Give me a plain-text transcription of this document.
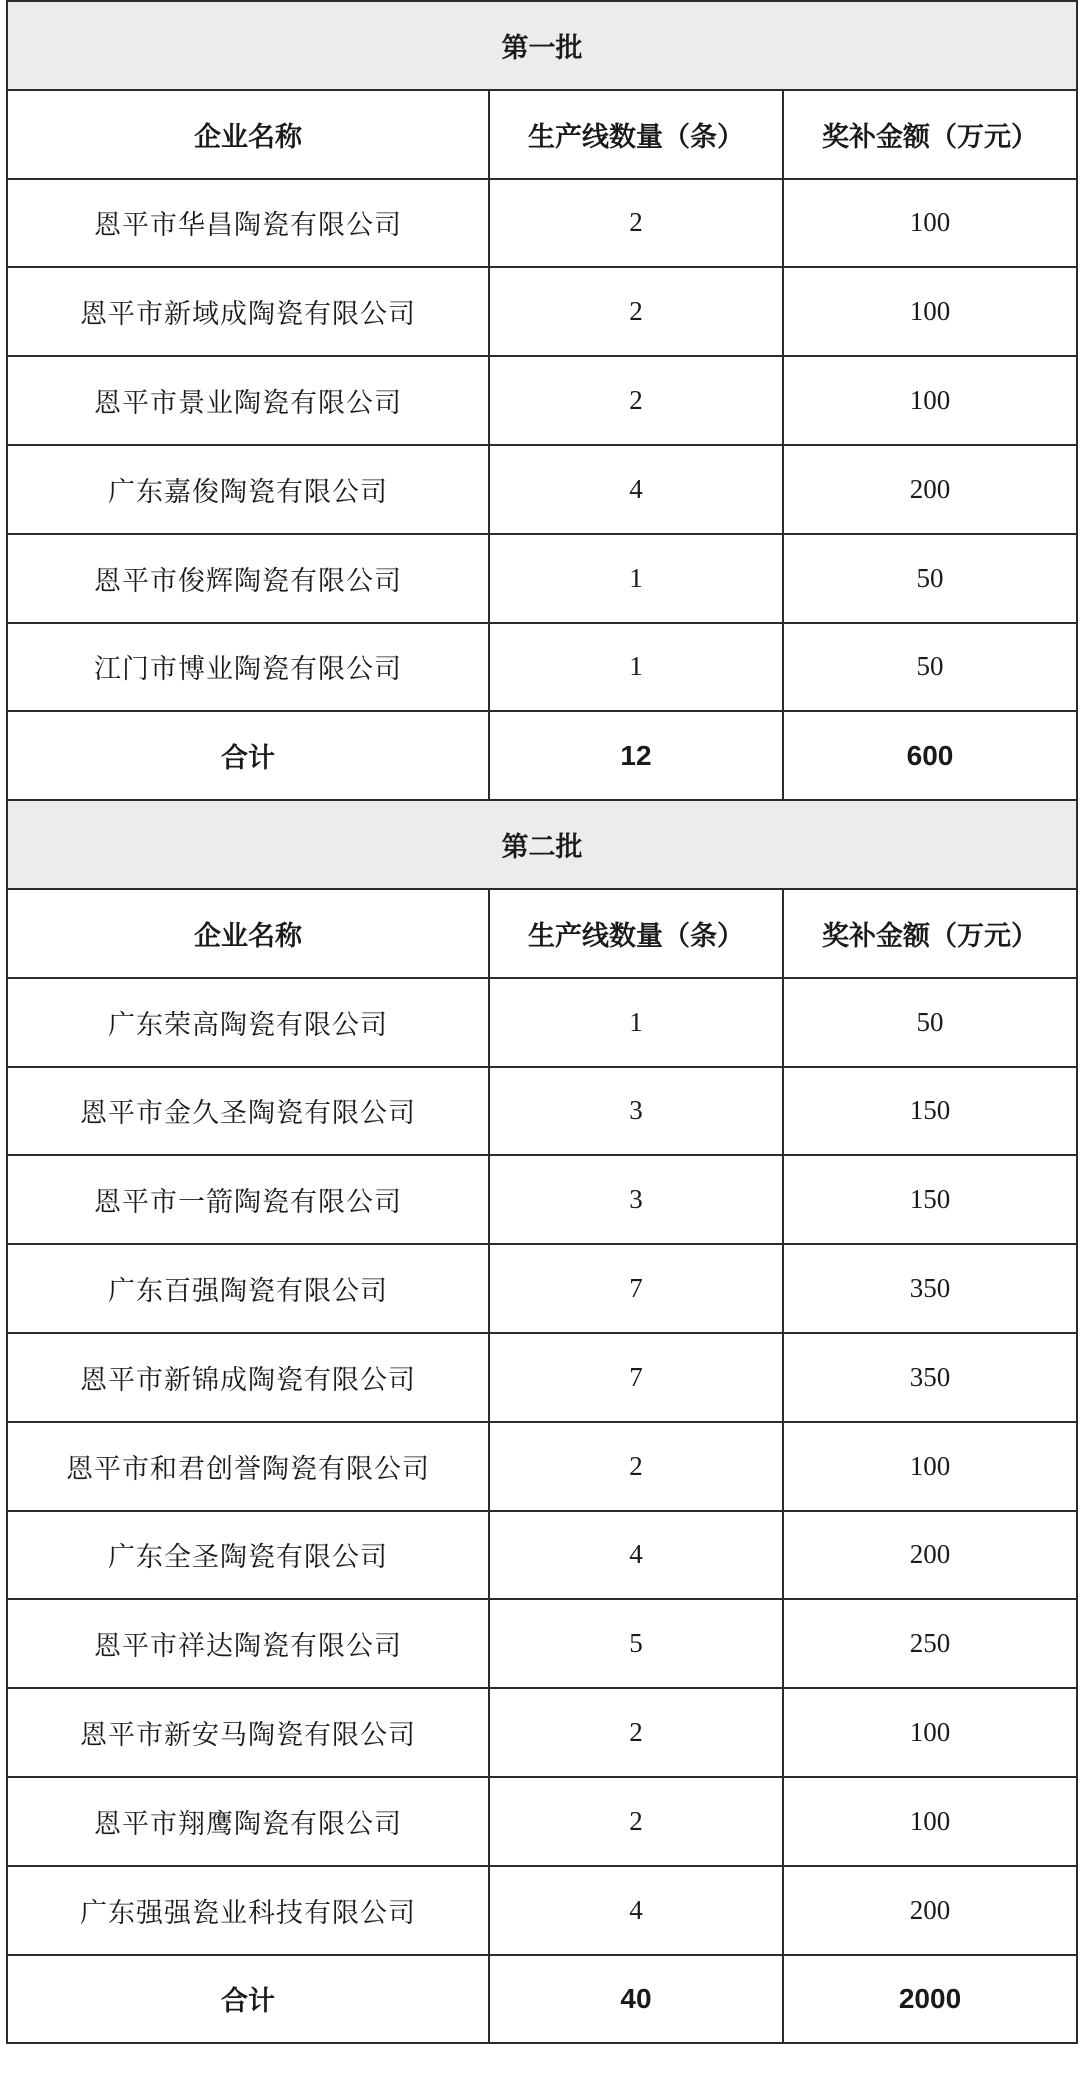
第一批		
企业名称	生产线数量（条）	奖补金额（万元）
恩平市华昌陶瓷有限公司	2	100
恩平市新域成陶瓷有限公司	2	100
恩平市景业陶瓷有限公司	2	100
广东嘉俊陶瓷有限公司	4	200
恩平市俊辉陶瓷有限公司	1	50
江门市博业陶瓷有限公司	1	50
合计	12	600
第二批		
企业名称	生产线数量（条）	奖补金额（万元）
广东荣高陶瓷有限公司	1	50
恩平市金久圣陶瓷有限公司	3	150
恩平市一箭陶瓷有限公司	3	150
广东百强陶瓷有限公司	7	350
恩平市新锦成陶瓷有限公司	7	350
恩平市和君创誉陶瓷有限公司	2	100
广东全圣陶瓷有限公司	4	200
恩平市祥达陶瓷有限公司	5	250
恩平市新安马陶瓷有限公司	2	100
恩平市翔鹰陶瓷有限公司	2	100
广东强强瓷业科技有限公司	4	200
合计	40	2000
